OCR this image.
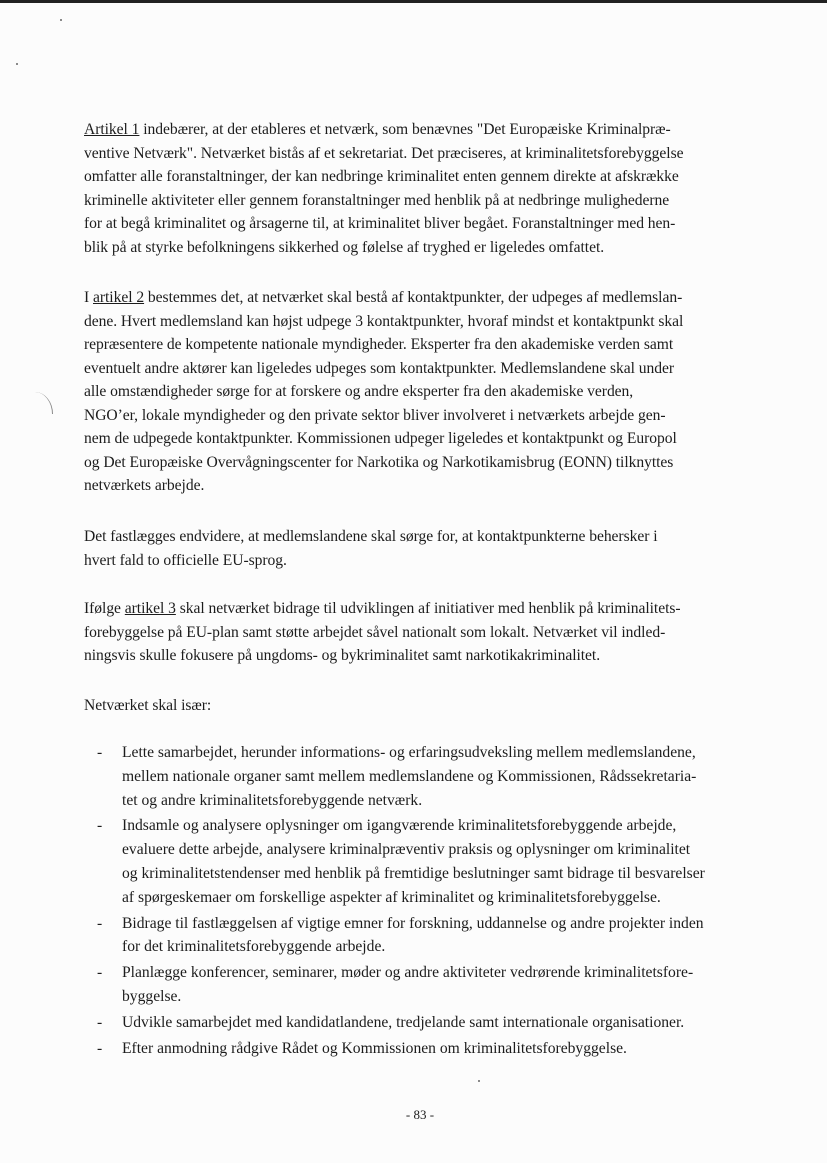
Artikel 1 indebærer, at der etableres et netværk, som benævnes "Det Europæiske Kriminalpræ-
ventive Netværk". Netværket bistås af et sekretariat. Det præciseres, at kriminalitetsforebyggelse
omfatter alle foranstaltninger, der kan nedbringe kriminalitet enten gennem direkte at afskrække
kriminelle aktiviteter eller gennem foranstaltninger med henblik på at nedbringe mulighederne
for at begå kriminalitet og årsagerne til, at kriminalitet bliver begået. Foranstaltninger med hen-
blik på at styrke befolkningens sikkerhed og følelse af tryghed er ligeledes omfattet.
I artikel 2 bestemmes det, at netværket skal bestå af kontaktpunkter, der udpeges af medlemslan-
dene. Hvert medlemsland kan højst udpege 3 kontaktpunkter, hvoraf mindst et kontaktpunkt skal
repræsentere de kompetente nationale myndigheder. Eksperter fra den akademiske verden samt
eventuelt andre aktører kan ligeledes udpeges som kontaktpunkter. Medlemslandene skal under
alle omstændigheder sørge for at forskere og andre eksperter fra den akademiske verden,
NGO’er, lokale myndigheder og den private sektor bliver involveret i netværkets arbejde gen-
nem de udpegede kontaktpunkter. Kommissionen udpeger ligeledes et kontaktpunkt og Europol
og Det Europæiske Overvågningscenter for Narkotika og Narkotikamisbrug (EONN) tilknyttes
netværkets arbejde.
Det fastlægges endvidere, at medlemslandene skal sørge for, at kontaktpunkterne behersker i
hvert fald to officielle EU-sprog.
Ifølge artikel 3 skal netværket bidrage til udviklingen af initiativer med henblik på kriminalitets-
forebyggelse på EU-plan samt støtte arbejdet såvel nationalt som lokalt. Netværket vil indled-
ningsvis skulle fokusere på ungdoms- og bykriminalitet samt narkotikakriminalitet.
Netværket skal især:
- Lette samarbejdet, herunder informations- og erfaringsudveksling mellem medlemslandene,
mellem nationale organer samt mellem medlemslandene og Kommissionen, Rådssekretaria-
tet og andre kriminalitetsforebyggende netværk.
- Indsamle og analysere oplysninger om igangværende kriminalitetsforebyggende arbejde,
evaluere dette arbejde, analysere kriminalpræventiv praksis og oplysninger om kriminalitet
og kriminalitetstendenser med henblik på fremtidige beslutninger samt bidrage til besvarelser
af spørgeskemaer om forskellige aspekter af kriminalitet og kriminalitetsforebyggelse.
- Bidrage til fastlæggelsen af vigtige emner for forskning, uddannelse og andre projekter inden
for det kriminalitetsforebyggende arbejde.
- Planlægge konferencer, seminarer, møder og andre aktiviteter vedrørende kriminalitetsfore-
byggelse.
- Udvikle samarbejdet med kandidatlandene, tredjelande samt internationale organisationer.
- Efter anmodning rådgive Rådet og Kommissionen om kriminalitetsforebyggelse.
- 83 -
